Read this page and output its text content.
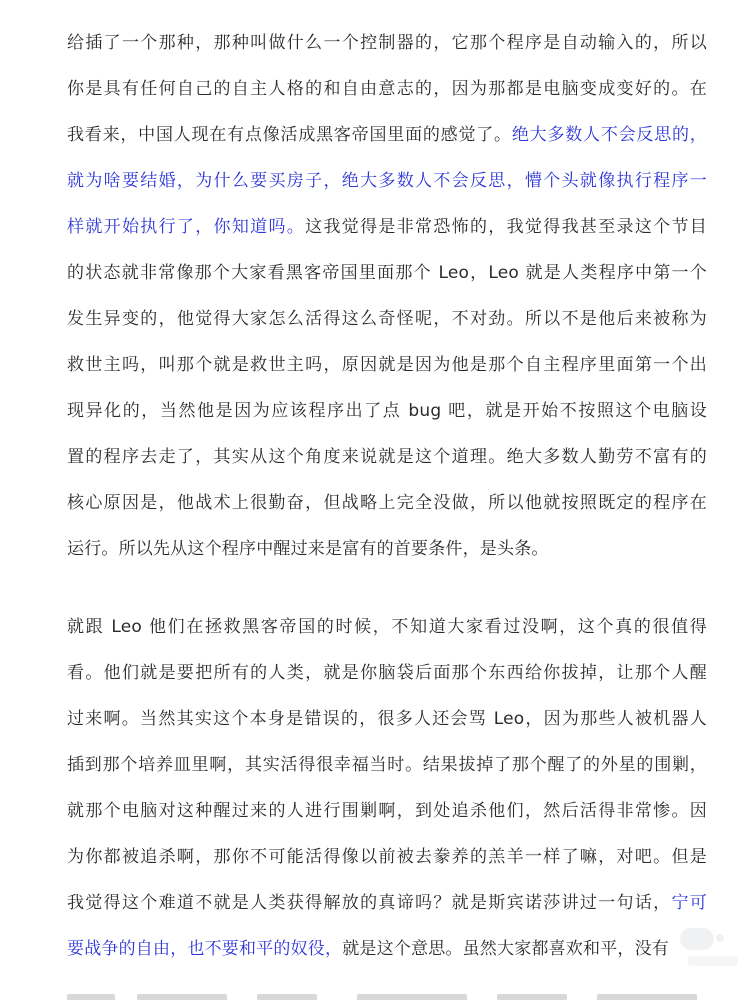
给插了一个那种，那种叫做什么一个控制器的，它那个程序是自动输入的，所以
你是具有任何自己的自主人格的和自由意志的，因为那都是电脑变成变好的。在
我看来，中国人现在有点像活成黑客帝国里面的感觉了。绝大多数人不会反思的，
就为啥要结婚，为什么要买房子，绝大多数人不会反思，懵个头就像执行程序一
样就开始执行了，你知道吗。这我觉得是非常恐怖的，我觉得我甚至录这个节目
的状态就非常像那个大家看黑客帝国里面那个 Leo，Leo 就是人类程序中第一个
发生异变的，他觉得大家怎么活得这么奇怪呢，不对劲。所以不是他后来被称为
救世主吗，叫那个就是救世主吗，原因就是因为他是那个自主程序里面第一个出
现异化的，当然他是因为应该程序出了点 bug 吧，就是开始不按照这个电脑设
置的程序去走了，其实从这个角度来说就是这个道理。绝大多数人勤劳不富有的
核心原因是，他战术上很勤奋，但战略上完全没做，所以他就按照既定的程序在
运行。所以先从这个程序中醒过来是富有的首要条件，是头条。
就跟 Leo 他们在拯救黑客帝国的时候，不知道大家看过没啊，这个真的很值得
看。他们就是要把所有的人类，就是你脑袋后面那个东西给你拔掉，让那个人醒
过来啊。当然其实这个本身是错误的，很多人还会骂 Leo，因为那些人被机器人
插到那个培养皿里啊，其实活得很幸福当时。结果拔掉了那个醒了的外星的围剿，
就那个电脑对这种醒过来的人进行围剿啊，到处追杀他们，然后活得非常惨。因
为你都被追杀啊，那你不可能活得像以前被去豢养的羔羊一样了嘛，对吧。但是
我觉得这个难道不就是人类获得解放的真谛吗？就是斯宾诺莎讲过一句话，宁可
要战争的自由，也不要和平的奴役，就是这个意思。虽然大家都喜欢和平，没有
